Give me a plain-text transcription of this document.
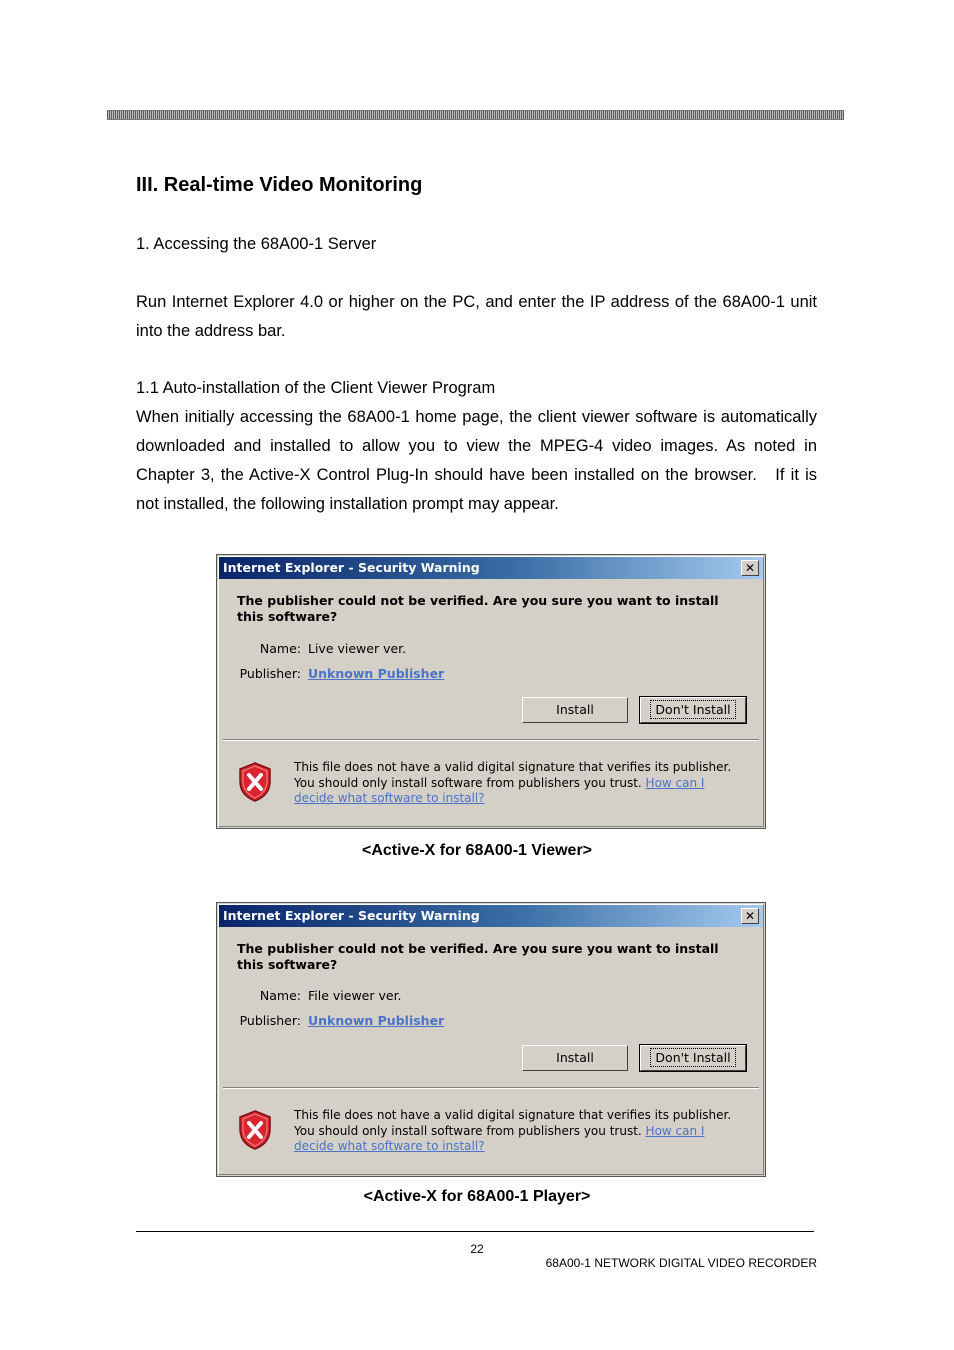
III. Real-time Video Monitoring

1. Accessing the 68A00-1 Server

Run Internet Explorer 4.0 or higher on the PC, and enter the IP address of the 68A00-1 unit into the address bar.

1.1 Auto-installation of the Client Viewer Program

When initially accessing the 68A00-1 home page, the client viewer software is automatically downloaded and installed to allow you to view the MPEG-4 video images. As noted in Chapter 3, the Active-X Control Plug-In should have been installed on the browser.   If it is not installed, the following installation prompt may appear.

Internet Explorer - Security Warning	✕
The publisher could not be verified. Are you sure you want to install this software?
Name: Live viewer ver.
Publisher: Unknown Publisher
Install	Don't Install
This file does not have a valid digital signature that verifies its publisher. You should only install software from publishers you trust. How can I decide what software to install?

<Active-X for 68A00-1 Viewer>

Internet Explorer - Security Warning	✕
The publisher could not be verified. Are you sure you want to install this software?
Name: File viewer ver.
Publisher: Unknown Publisher
Install	Don't Install
This file does not have a valid digital signature that verifies its publisher. You should only install software from publishers you trust. How can I decide what software to install?

<Active-X for 68A00-1 Player>

22
68A00-1 NETWORK DIGITAL VIDEO RECORDER
